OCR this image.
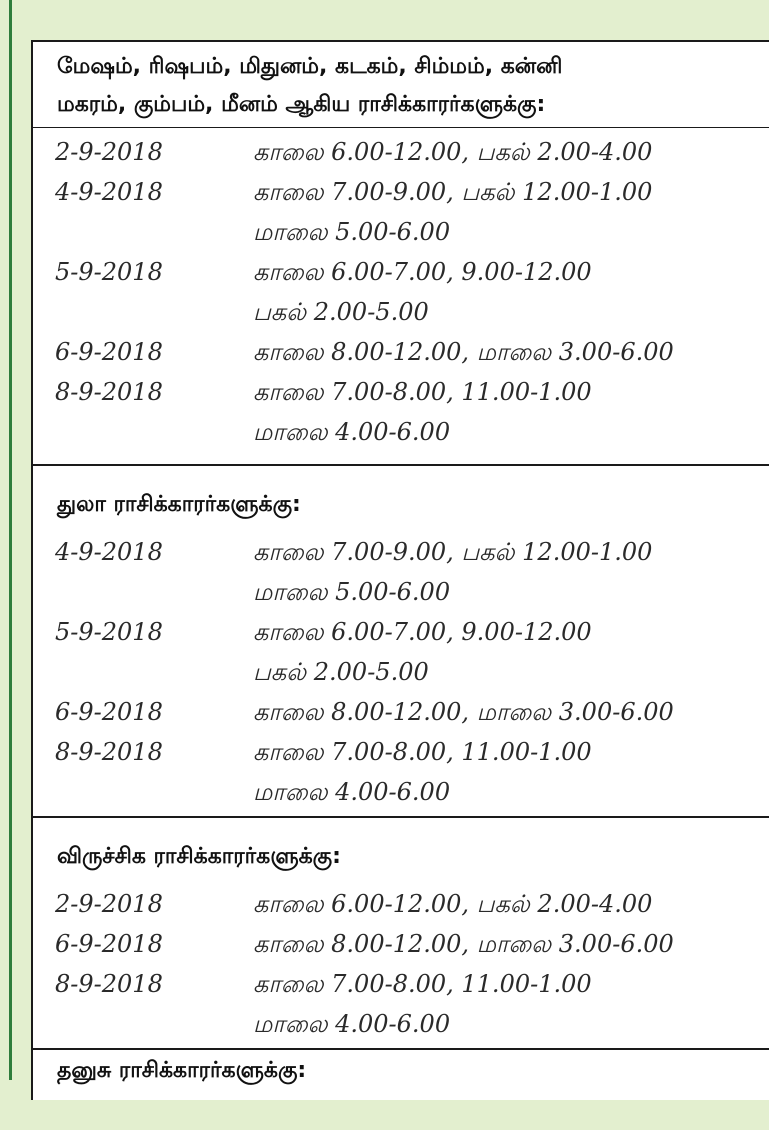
மேஷம், ரிஷபம், மிதுனம், கடகம், சிம்மம், கன்னி
மகரம், கும்பம், மீனம் ஆகிய ராசிக்காரர்களுக்கு:
2-9-2018	காலை 6.00-12.00, பகல் 2.00-4.00
4-9-2018	காலை 7.00-9.00, பகல் 12.00-1.00
மாலை 5.00-6.00
5-9-2018	காலை 6.00-7.00, 9.00-12.00
பகல் 2.00-5.00
6-9-2018	காலை 8.00-12.00, மாலை 3.00-6.00
8-9-2018	காலை 7.00-8.00, 11.00-1.00
மாலை 4.00-6.00
துலா ராசிக்காரர்களுக்கு:
4-9-2018	காலை 7.00-9.00, பகல் 12.00-1.00
மாலை 5.00-6.00
5-9-2018	காலை 6.00-7.00, 9.00-12.00
பகல் 2.00-5.00
6-9-2018	காலை 8.00-12.00, மாலை 3.00-6.00
8-9-2018	காலை 7.00-8.00, 11.00-1.00
மாலை 4.00-6.00
விருச்சிக ராசிக்காரர்களுக்கு:
2-9-2018	காலை 6.00-12.00, பகல் 2.00-4.00
6-9-2018	காலை 8.00-12.00, மாலை 3.00-6.00
8-9-2018	காலை 7.00-8.00, 11.00-1.00
மாலை 4.00-6.00
தனுசு ராசிக்காரர்களுக்கு:
